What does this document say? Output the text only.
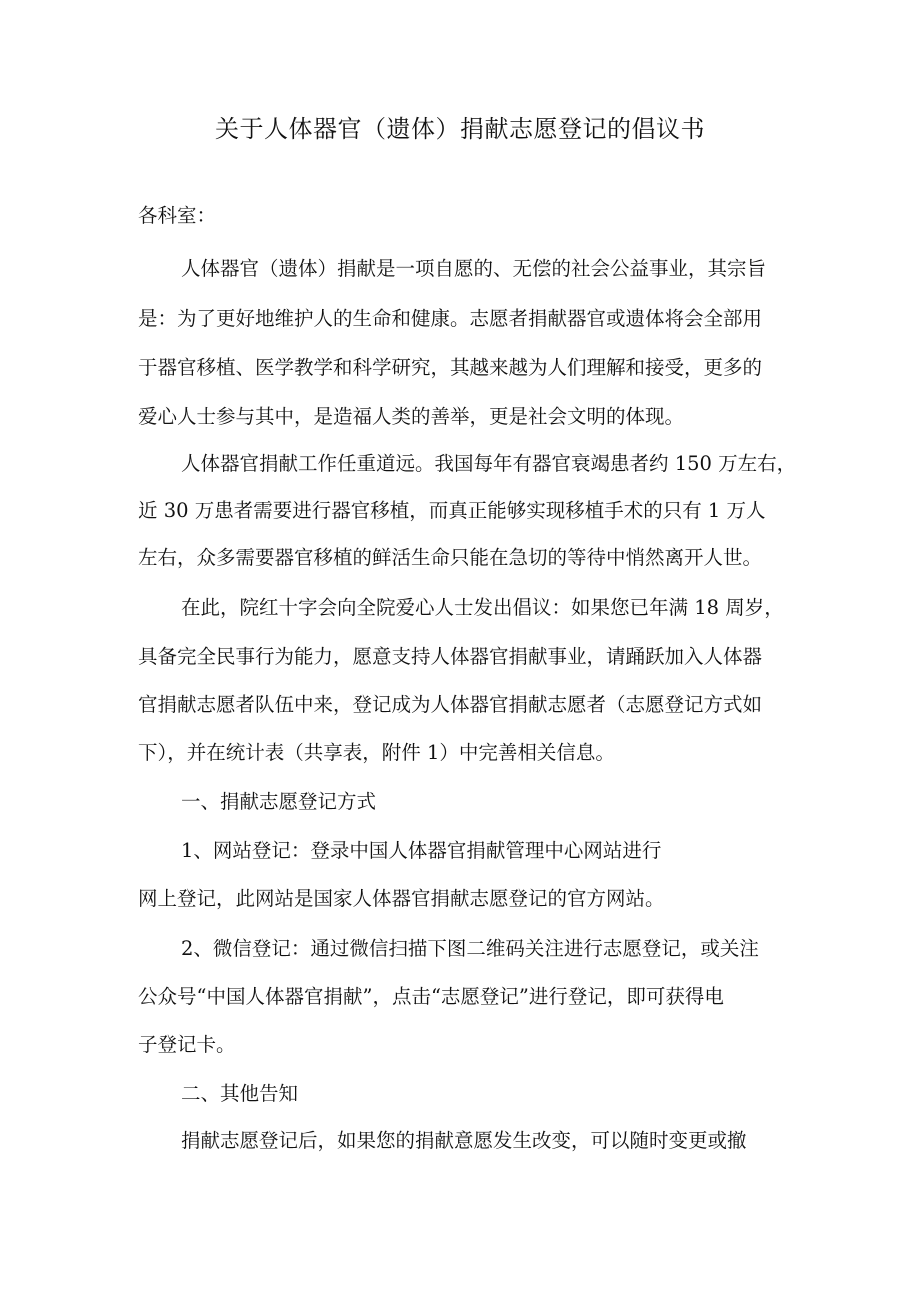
关于人体器官（遗体）捐献志愿登记的倡议书
各科室：
人体器官（遗体）捐献是一项自愿的、无偿的社会公益事业，其宗旨
是：为了更好地维护人的生命和健康。志愿者捐献器官或遗体将会全部用
于器官移植、医学教学和科学研究，其越来越为人们理解和接受，更多的
爱心人士参与其中，是造福人类的善举，更是社会文明的体现。
人体器官捐献工作任重道远。我国每年有器官衰竭患者约 150 万左右，
近 30 万患者需要进行器官移植，而真正能够实现移植手术的只有 1 万人
左右，众多需要器官移植的鲜活生命只能在急切的等待中悄然离开人世。
在此，院红十字会向全院爱心人士发出倡议：如果您已年满 18 周岁，
具备完全民事行为能力，愿意支持人体器官捐献事业，请踊跃加入人体器
官捐献志愿者队伍中来，登记成为人体器官捐献志愿者（志愿登记方式如
下），并在统计表（共享表，附件 1）中完善相关信息。
一、捐献志愿登记方式
1、网站登记：登录中国人体器官捐献管理中心网站进行
网上登记，此网站是国家人体器官捐献志愿登记的官方网站。
2、微信登记：通过微信扫描下图二维码关注进行志愿登记，或关注
公众号“中国人体器官捐献”，点击“志愿登记”进行登记，即可获得电
子登记卡。
二、其他告知
捐献志愿登记后，如果您的捐献意愿发生改变，可以随时变更或撤
